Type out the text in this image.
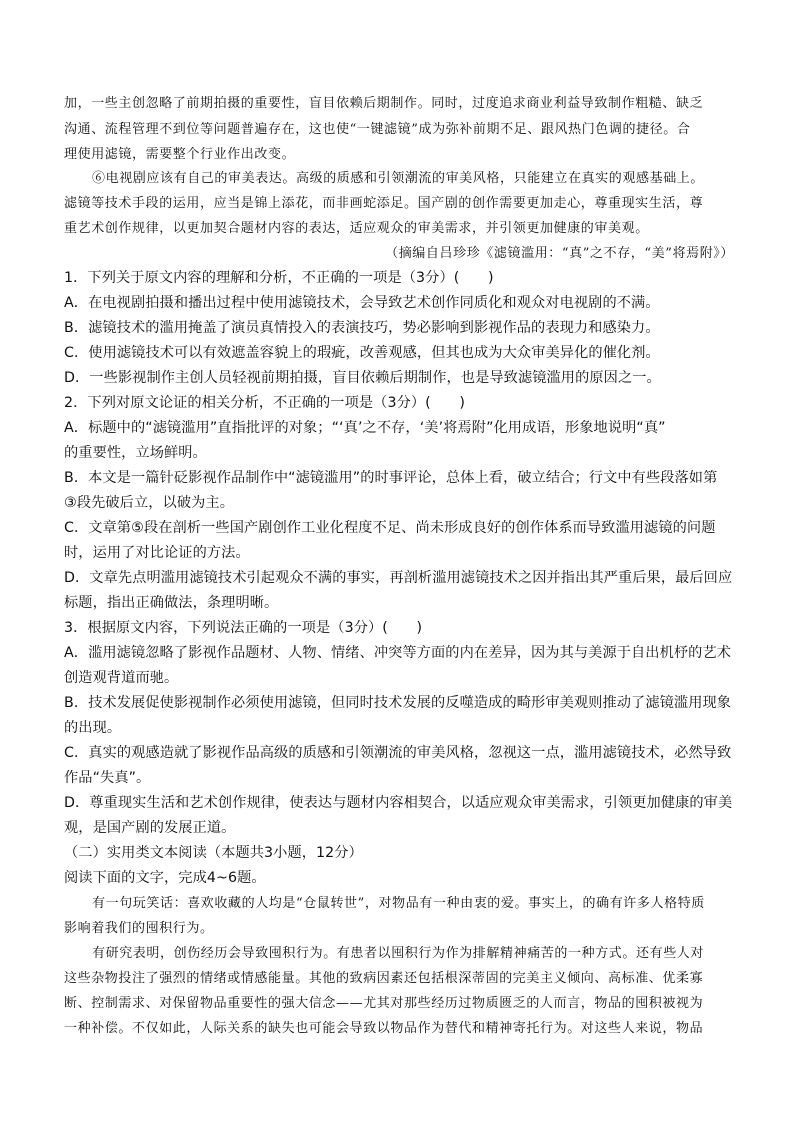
加，一些主创忽略了前期拍摄的重要性，盲目依赖后期制作。同时，过度追求商业利益导致制作粗糙、缺乏
沟通、流程管理不到位等问题普遍存在，这也使“一键滤镜”成为弥补前期不足、跟风热门色调的捷径。合
理使用滤镜，需要整个行业作出改变。
⑥电视剧应该有自己的审美表达。高级的质感和引领潮流的审美风格，只能建立在真实的观感基础上。
滤镜等技术手段的运用，应当是锦上添花，而非画蛇添足。国产剧的创作需要更加走心，尊重现实生活，尊
重艺术创作规律，以更加契合题材内容的表达，适应观众的审美需求，并引领更加健康的审美观。
（摘编自吕珍珍《滤镜滥用：“真”之不存，“美”将焉附》）
1．下列关于原文内容的理解和分析，不正确的一项是（3分）(　　)
A．在电视剧拍摄和播出过程中使用滤镜技术，会导致艺术创作同质化和观众对电视剧的不满。
B．滤镜技术的滥用掩盖了演员真情投入的表演技巧，势必影响到影视作品的表现力和感染力。
C．使用滤镜技术可以有效遮盖容貌上的瑕疵，改善观感，但其也成为大众审美异化的催化剂。
D．一些影视制作主创人员轻视前期拍摄，盲目依赖后期制作，也是导致滤镜滥用的原因之一。
2．下列对原文论证的相关分析，不正确的一项是（3分）(　　)
A．标题中的“滤镜滥用”直指批评的对象；“‘真’之不存，‘美’将焉附”化用成语，形象地说明“真”
的重要性，立场鲜明。
B．本文是一篇针砭影视作品制作中“滤镜滥用”的时事评论，总体上看，破立结合；行文中有些段落如第
③段先破后立，以破为主。
C．文章第⑤段在剖析一些国产剧创作工业化程度不足、尚未形成良好的创作体系而导致滥用滤镜的问题
时，运用了对比论证的方法。
D．文章先点明滥用滤镜技术引起观众不满的事实，再剖析滥用滤镜技术之因并指出其严重后果，最后回应
标题，指出正确做法，条理明晰。
3．根据原文内容，下列说法正确的一项是（3分）(　　)
A．滥用滤镜忽略了影视作品题材、人物、情绪、冲突等方面的内在差异，因为其与美源于自出机杼的艺术
创造观背道而驰。
B．技术发展促使影视制作必须使用滤镜，但同时技术发展的反噬造成的畸形审美观则推动了滤镜滥用现象
的出现。
C．真实的观感造就了影视作品高级的质感和引领潮流的审美风格，忽视这一点，滥用滤镜技术，必然导致
作品“失真”。
D．尊重现实生活和艺术创作规律，使表达与题材内容相契合，以适应观众审美需求，引领更加健康的审美
观，是国产剧的发展正道。
（二）实用类文本阅读（本题共3小题，12分）
阅读下面的文字，完成4~6题。
有一句玩笑话：喜欢收藏的人均是“仓鼠转世”，对物品有一种由衷的爱。事实上，的确有许多人格特质
影响着我们的囤积行为。
有研究表明，创伤经历会导致囤积行为。有患者以囤积行为作为排解精神痛苦的一种方式。还有些人对
这些杂物投注了强烈的情绪或情感能量。其他的致病因素还包括根深蒂固的完美主义倾向、高标准、优柔寡
断、控制需求、对保留物品重要性的强大信念——尤其对那些经历过物质匮乏的人而言，物品的囤积被视为
一种补偿。不仅如此，人际关系的缺失也可能会导致以物品作为替代和精神寄托行为。对这些人来说，物品
